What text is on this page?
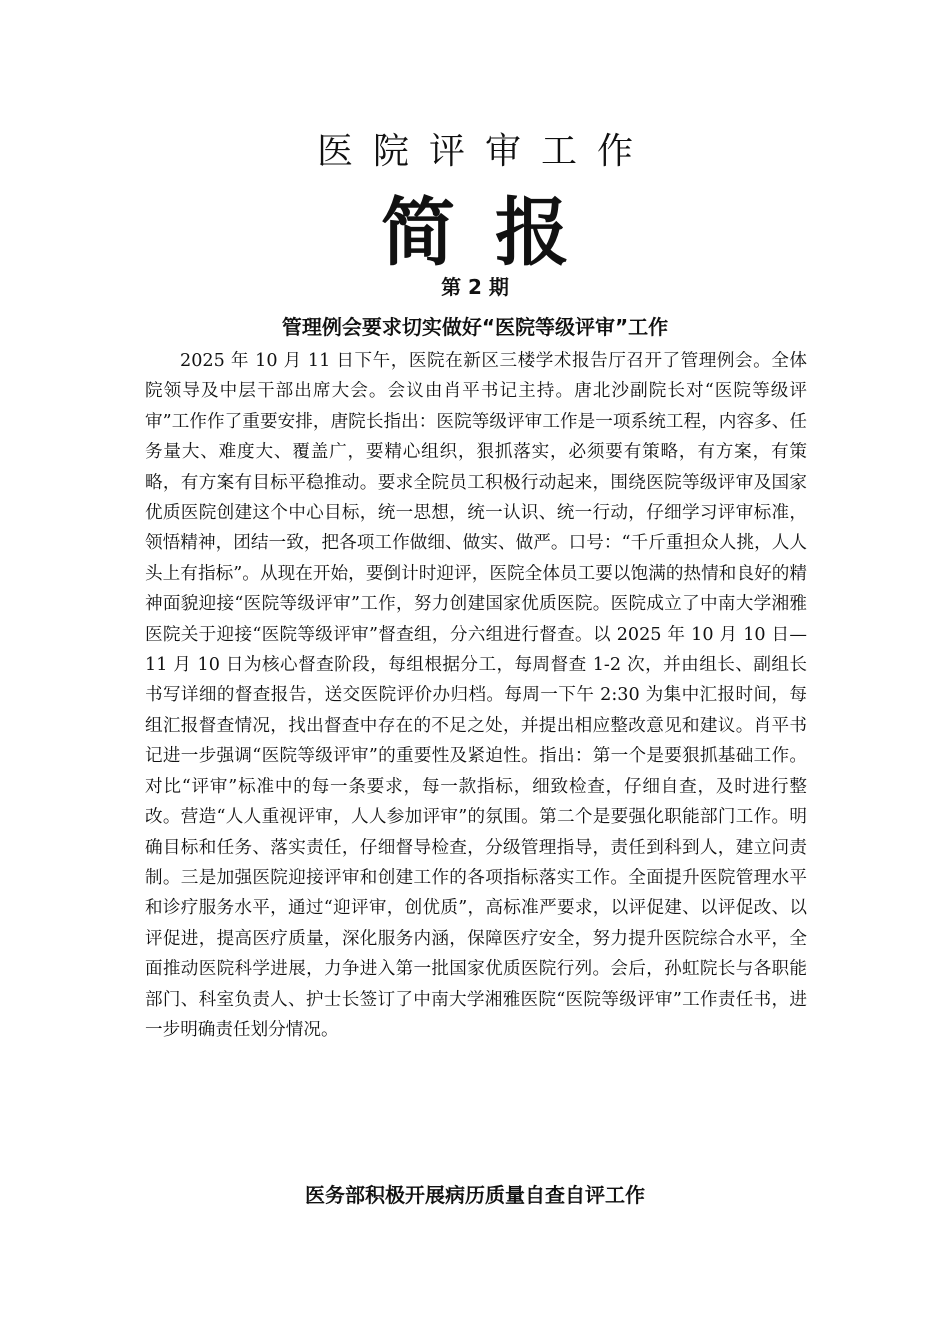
医院评审工作
简报
第 2 期
管理例会要求切实做好“医院等级评审”工作

2025 年 10 月 11 日下午，医院在新区三楼学术报告厅召开了管理例会。全体院领导及中层干部出席大会。会议由肖平书记主持。唐北沙副院长对“医院等级评审”工作作了重要安排，唐院长指出：医院等级评审工作是一项系统工程，内容多、任务量大、难度大、覆盖广，要精心组织，狠抓落实，必须要有策略，有方案，有策略，有方案有目标平稳推动。要求全院员工积极行动起来，围绕医院等级评审及国家优质医院创建这个中心目标，统一思想，统一认识、统一行动，仔细学习评审标准，领悟精神，团结一致，把各项工作做细、做实、做严。口号：“千斤重担众人挑，人人头上有指标”。从现在开始，要倒计时迎评，医院全体员工要以饱满的热情和良好的精神面貌迎接“医院等级评审”工作，努力创建国家优质医院。医院成立了中南大学湘雅医院关于迎接“医院等级评审”督查组，分六组进行督查。以 2025 年 10 月 10 日—11 月 10 日为核心督查阶段，每组根据分工，每周督查 1-2 次，并由组长、副组长书写详细的督查报告，送交医院评价办归档。每周一下午 2:30 为集中汇报时间，每组汇报督查情况，找出督查中存在的不足之处，并提出相应整改意见和建议。肖平书记进一步强调“医院等级评审”的重要性及紧迫性。指出：第一个是要狠抓基础工作。对比“评审”标准中的每一条要求，每一款指标，细致检查，仔细自查，及时进行整改。营造“人人重视评审，人人参加评审”的氛围。第二个是要强化职能部门工作。明确目标和任务、落实责任，仔细督导检查，分级管理指导，责任到科到人，建立问责制。三是加强医院迎接评审和创建工作的各项指标落实工作。全面提升医院管理水平和诊疗服务水平，通过“迎评审，创优质”，高标准严要求，以评促建、以评促改、以评促进，提高医疗质量，深化服务内涵，保障医疗安全，努力提升医院综合水平，全面推动医院科学进展，力争进入第一批国家优质医院行列。会后，孙虹院长与各职能部门、科室负责人、护士长签订了中南大学湘雅医院“医院等级评审”工作责任书，进一步明确责任划分情况。

医务部积极开展病历质量自查自评工作
